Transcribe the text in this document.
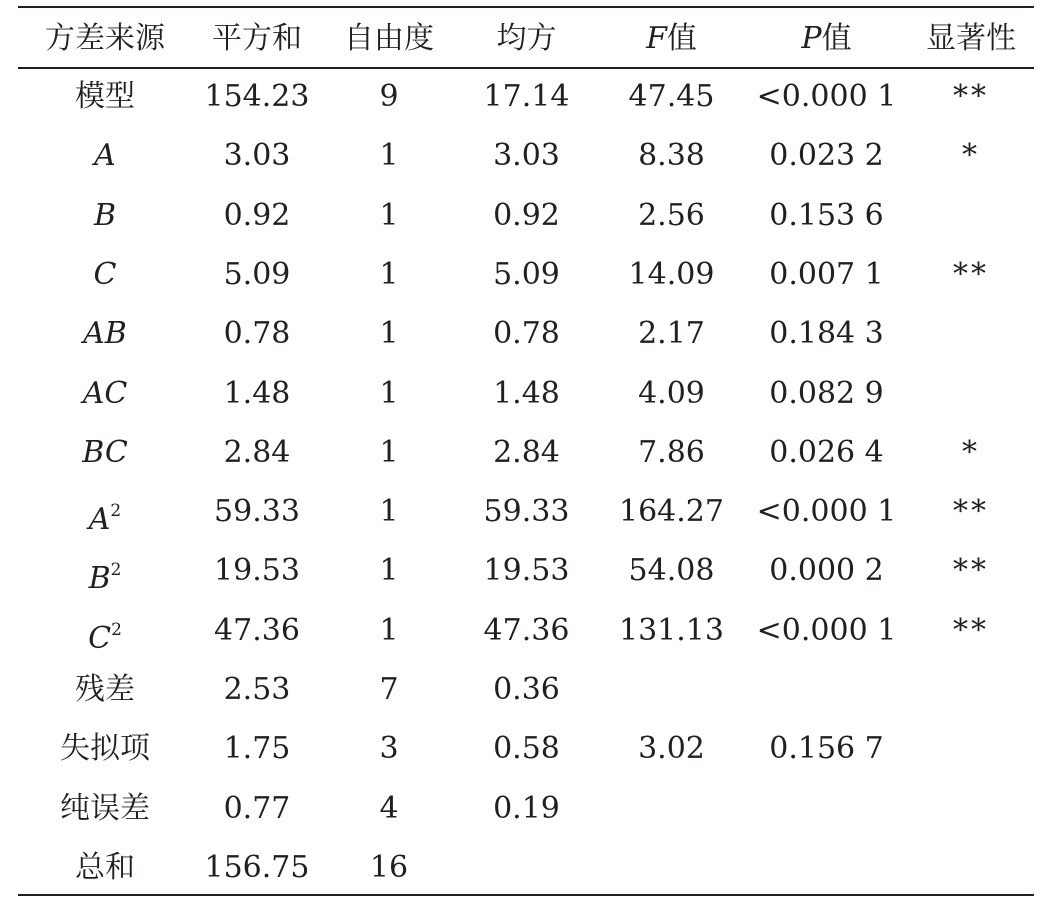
方差来源	平方和	自由度	均方	F值	P值	显著性
模型	154.23	9	17.14	47.45	<0.000 1	**
A	3.03	1	3.03	8.38	0.023 2	*
B	0.92	1	0.92	2.56	0.153 6
C	5.09	1	5.09	14.09	0.007 1	**
AB	0.78	1	0.78	2.17	0.184 3
AC	1.48	1	1.48	4.09	0.082 9
BC	2.84	1	2.84	7.86	0.026 4	*
$A^2$	59.33	1	59.33	164.27	<0.000 1	**
$B^2$	19.53	1	19.53	54.08	0.000 2	**
$C^2$	47.36	1	47.36	131.13	<0.000 1	**
残差	2.53	7	0.36
失拟项	1.75	3	0.58	3.02	0.156 7
纯误差	0.77	4	0.19
总和	156.75	16
